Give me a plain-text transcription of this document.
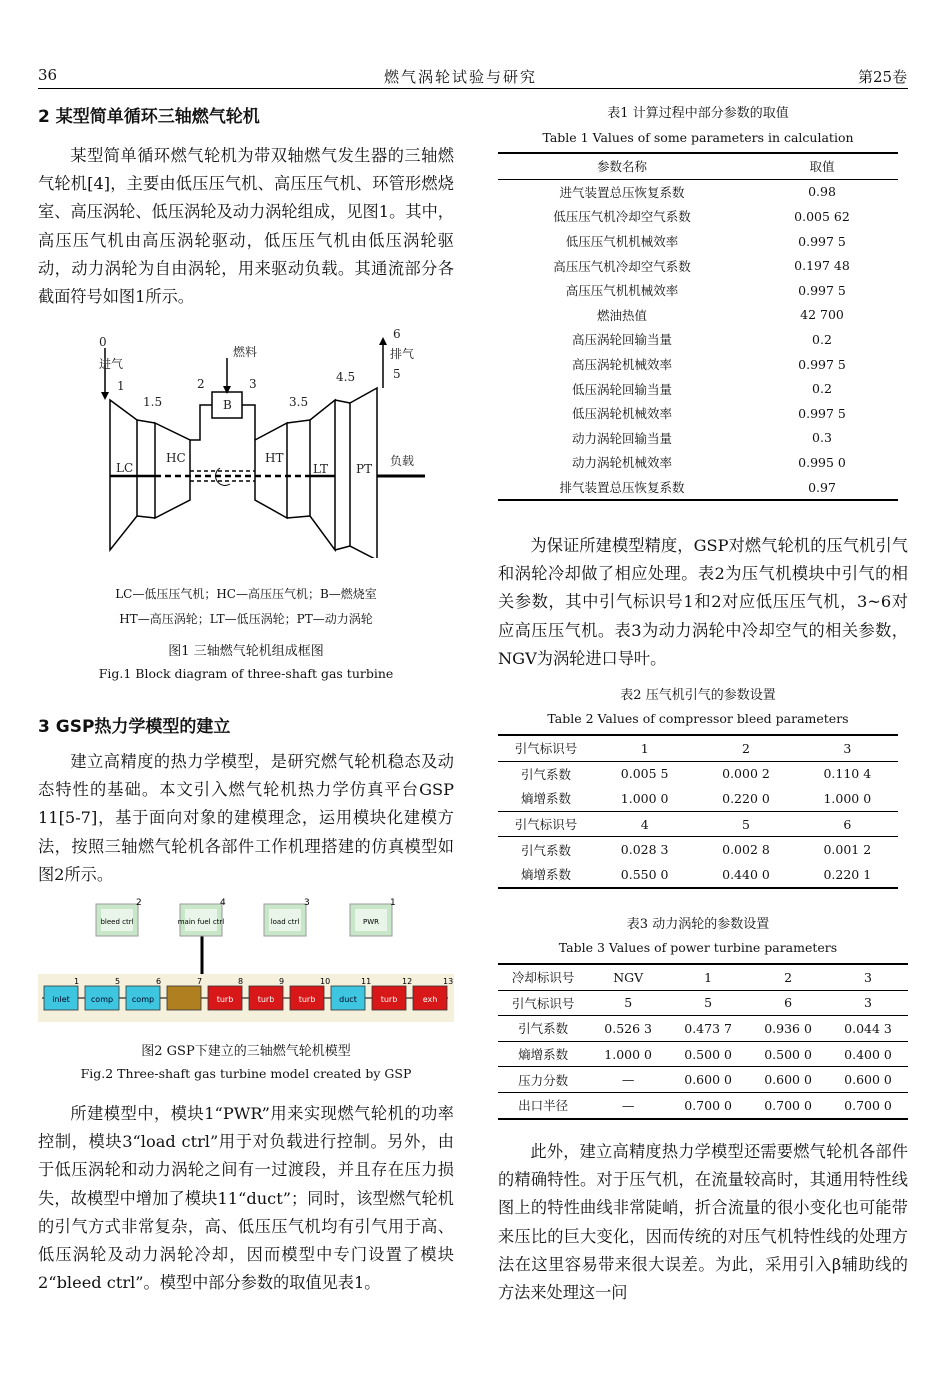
36	燃气涡轮试验与研究	第25卷
2 某型简单循环三轴燃气轮机

某型简单循环燃气轮机为带双轴燃气发生器的三轴燃气轮机[4]，主要由低压压气机、高压压气机、环管形燃烧室、高压涡轮、低压涡轮及动力涡轮组成，见图1。其中，高压压气机由高压涡轮驱动，低压压气机由低压涡轮驱动，动力涡轮为自由涡轮，用来驱动负载。其通流部分各截面符号如图1所示。

0
进气
1
1.5
2	3
燃料
B	3.5
4.5	5
6
排气
LC
HC	HT
LT PT
负载
LC—低压压气机；HC—高压压气机；B—燃烧室
HT—高压涡轮；LT—低压涡轮；PT—动力涡轮
图1 三轴燃气轮机组成框图
Fig.1 Block diagram of three-shaft gas turbine
3 GSP热力学模型的建立

建立高精度的热力学模型，是研究燃气轮机稳态及动态特性的基础。本文引入燃气轮机热力学仿真平台GSP 11[5-7]，基于面向对象的建模理念，运用模块化建模方法，按照三轴燃气轮机各部件工作机理搭建的仿真模型如图2所示。

2
bleed ctrl
4
main fuel ctrl
3
load ctrl
1
PWR
1
inlet
5
comp
6
comp
7	8
turb
9
turb
10
turb
11
duct
12
turb
13
exh
图2 GSP下建立的三轴燃气轮机模型
Fig.2 Three-shaft gas turbine model created by GSP

所建模型中，模块1“PWR”用来实现燃气轮机的功率控制，模块3“load ctrl”用于对负载进行控制。另外，由于低压涡轮和动力涡轮之间有一过渡段，并且存在压力损失，故模型中增加了模块11“duct”；同时，该型燃气轮机的引气方式非常复杂，高、低压压气机均有引气用于高、低压涡轮及动力涡轮冷却，因而模型中专门设置了模块2“bleed ctrl”。模型中部分参数的取值见表1。

表1 计算过程中部分参数的取值
Table 1 Values of some parameters in calculation
参数名称	取值
进气装置总压恢复系数	0.98
低压压气机冷却空气系数	0.005 62
低压压气机机械效率	0.997 5
高压压气机冷却空气系数	0.197 48
高压压气机机械效率	0.997 5
燃油热值	42 700
高压涡轮回输当量	0.2
高压涡轮机械效率	0.997 5
低压涡轮回输当量	0.2
低压涡轮机械效率	0.997 5
动力涡轮回输当量	0.3
动力涡轮机械效率	0.995 0
排气装置总压恢复系数	0.97

为保证所建模型精度，GSP对燃气轮机的压气机引气和涡轮冷却做了相应处理。表2为压气机模块中引气的相关参数，其中引气标识号1和2对应低压压气机，3~6对应高压压气机。表3为动力涡轮中冷却空气的相关参数，NGV为涡轮进口导叶。

表2 压气机引气的参数设置
Table 2 Values of compressor bleed parameters
引气标识号	1	2	3
引气系数	0.005 5	0.000 2	0.110 4
熵增系数	1.000 0	0.220 0	1.000 0
引气标识号	4	5	6
引气系数	0.028 3	0.002 8	0.001 2
熵增系数	0.550 0	0.440 0	0.220 1
表3 动力涡轮的参数设置
Table 3 Values of power turbine parameters
冷却标识号	NGV	1	2	3
引气标识号	5	5	6	3
引气系数	0.526 3	0.473 7	0.936 0	0.044 3
熵增系数	1.000 0	0.500 0	0.500 0	0.400 0
压力分数	—	0.600 0	0.600 0	0.600 0
出口半径	—	0.700 0	0.700 0	0.700 0

此外，建立高精度热力学模型还需要燃气轮机各部件的精确特性。对于压气机，在流量较高时，其通用特性线图上的特性曲线非常陡峭，折合流量的很小变化也可能带来压比的巨大变化，因而传统的对压气机特性线的处理方法在这里容易带来很大误差。为此，采用引入β辅助线的方法来处理这一问
